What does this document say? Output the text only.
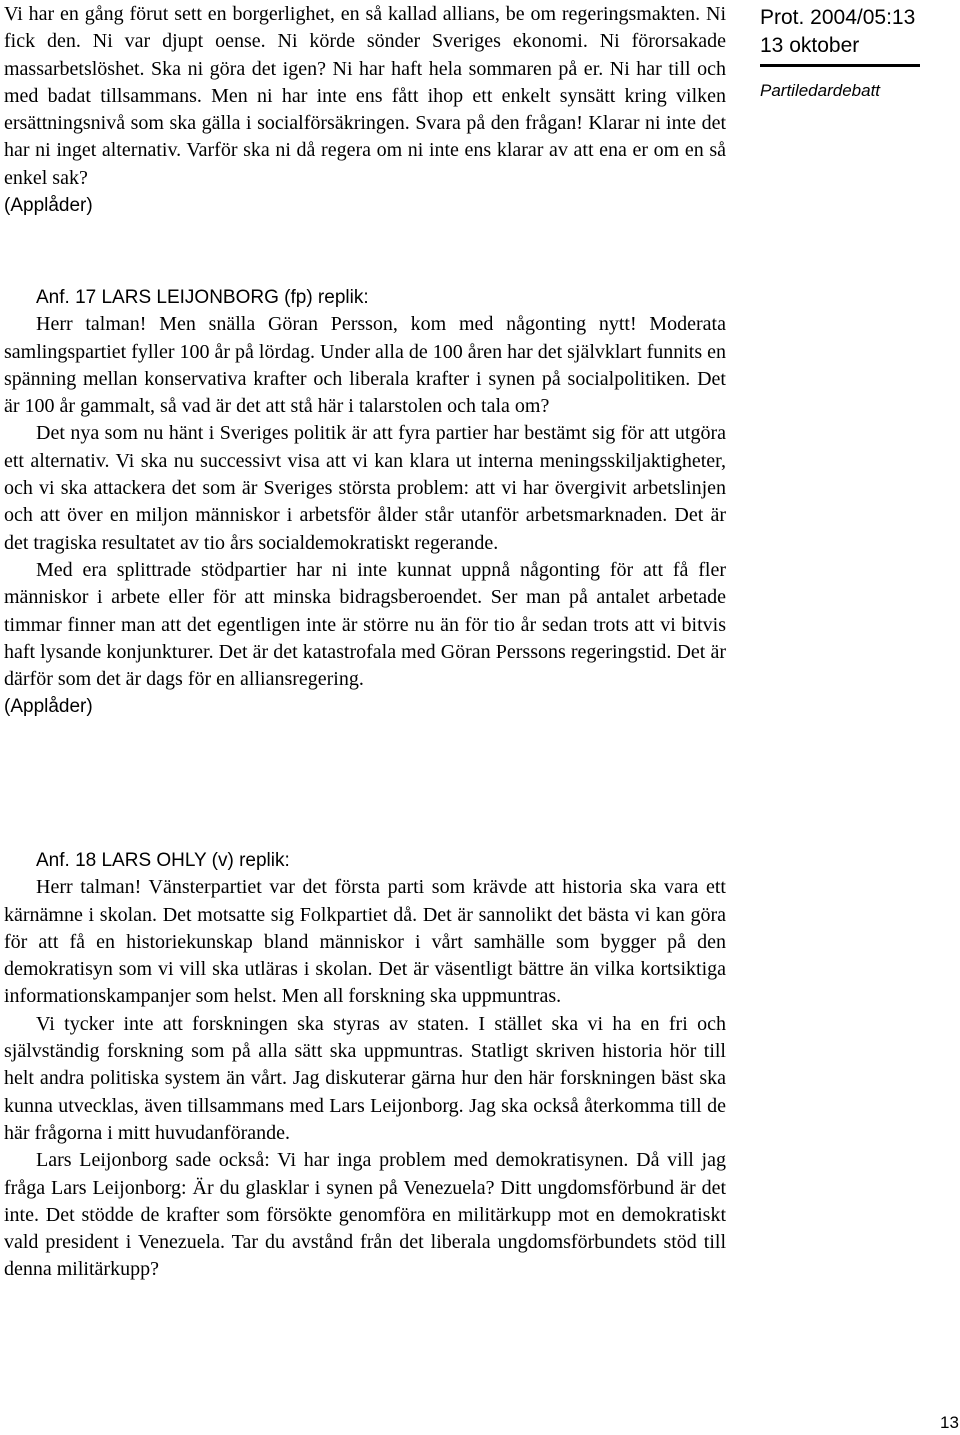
Prot. 2004/05:13
13 oktober
Partiledardebatt

Vi har en gång förut sett en borgerlighet, en så kallad allians, be om regeringsmakten. Ni fick den. Ni var djupt oense. Ni körde sönder Sveriges ekonomi. Ni förorsakade massarbetslöshet. Ska ni göra det igen? Ni har haft hela sommaren på er. Ni har till och med badat tillsammans. Men ni har inte ens fått ihop ett enkelt synsätt kring vilken ersättningsnivå som ska gälla i socialförsäkringen. Svara på den frågan! Klarar ni inte det har ni inget alternativ. Varför ska ni då regera om ni inte ens klarar av att ena er om en så enkel sak?

(Applåder)
Anf. 17 LARS LEIJONBORG (fp) replik:

Herr talman! Men snälla Göran Persson, kom med någonting nytt! Moderata samlingspartiet fyller 100 år på lördag. Under alla de 100 åren har det självklart funnits en spänning mellan konservativa krafter och liberala krafter i synen på socialpolitiken. Det är 100 år gammalt, så vad är det att stå här i talarstolen och tala om?

Det nya som nu hänt i Sveriges politik är att fyra partier har bestämt sig för att utgöra ett alternativ. Vi ska nu successivt visa att vi kan klara ut interna meningsskiljaktigheter, och vi ska attackera det som är Sveriges största problem: att vi har övergivit arbetslinjen och att över en miljon människor i arbetsför ålder står utanför arbetsmarknaden. Det är det tragiska resultatet av tio års socialdemokratiskt regerande.

Med era splittrade stödpartier har ni inte kunnat uppnå någonting för att få fler människor i arbete eller för att minska bidragsberoendet. Ser man på antalet arbetade timmar finner man att det egentligen inte är större nu än för tio år sedan trots att vi bitvis haft lysande konjunkturer. Det är det katastrofala med Göran Perssons regeringstid. Det är därför som det är dags för en alliansregering.

(Applåder)
Anf. 18 LARS OHLY (v) replik:

Herr talman! Vänsterpartiet var det första parti som krävde att historia ska vara ett kärnämne i skolan. Det motsatte sig Folkpartiet då. Det är sannolikt det bästa vi kan göra för att få en historiekunskap bland människor i vårt samhälle som bygger på den demokratisyn som vi vill ska utläras i skolan. Det är väsentligt bättre än vilka kortsiktiga informationskampanjer som helst. Men all forskning ska uppmuntras.

Vi tycker inte att forskningen ska styras av staten. I stället ska vi ha en fri och självständig forskning som på alla sätt ska uppmuntras. Statligt skriven historia hör till helt andra politiska system än vårt. Jag diskuterar gärna hur den här forskningen bäst ska kunna utvecklas, även tillsammans med Lars Leijonborg. Jag ska också återkomma till de här frågorna i mitt huvudanförande.

Lars Leijonborg sade också: Vi har inga problem med demokratisynen. Då vill jag fråga Lars Leijonborg: Är du glasklar i synen på Venezuela? Ditt ungdomsförbund är det inte. Det stödde de krafter som försökte genomföra en militärkupp mot en demokratiskt vald president i Venezuela. Tar du avstånd från det liberala ungdomsförbundets stöd till denna militärkupp?

13
